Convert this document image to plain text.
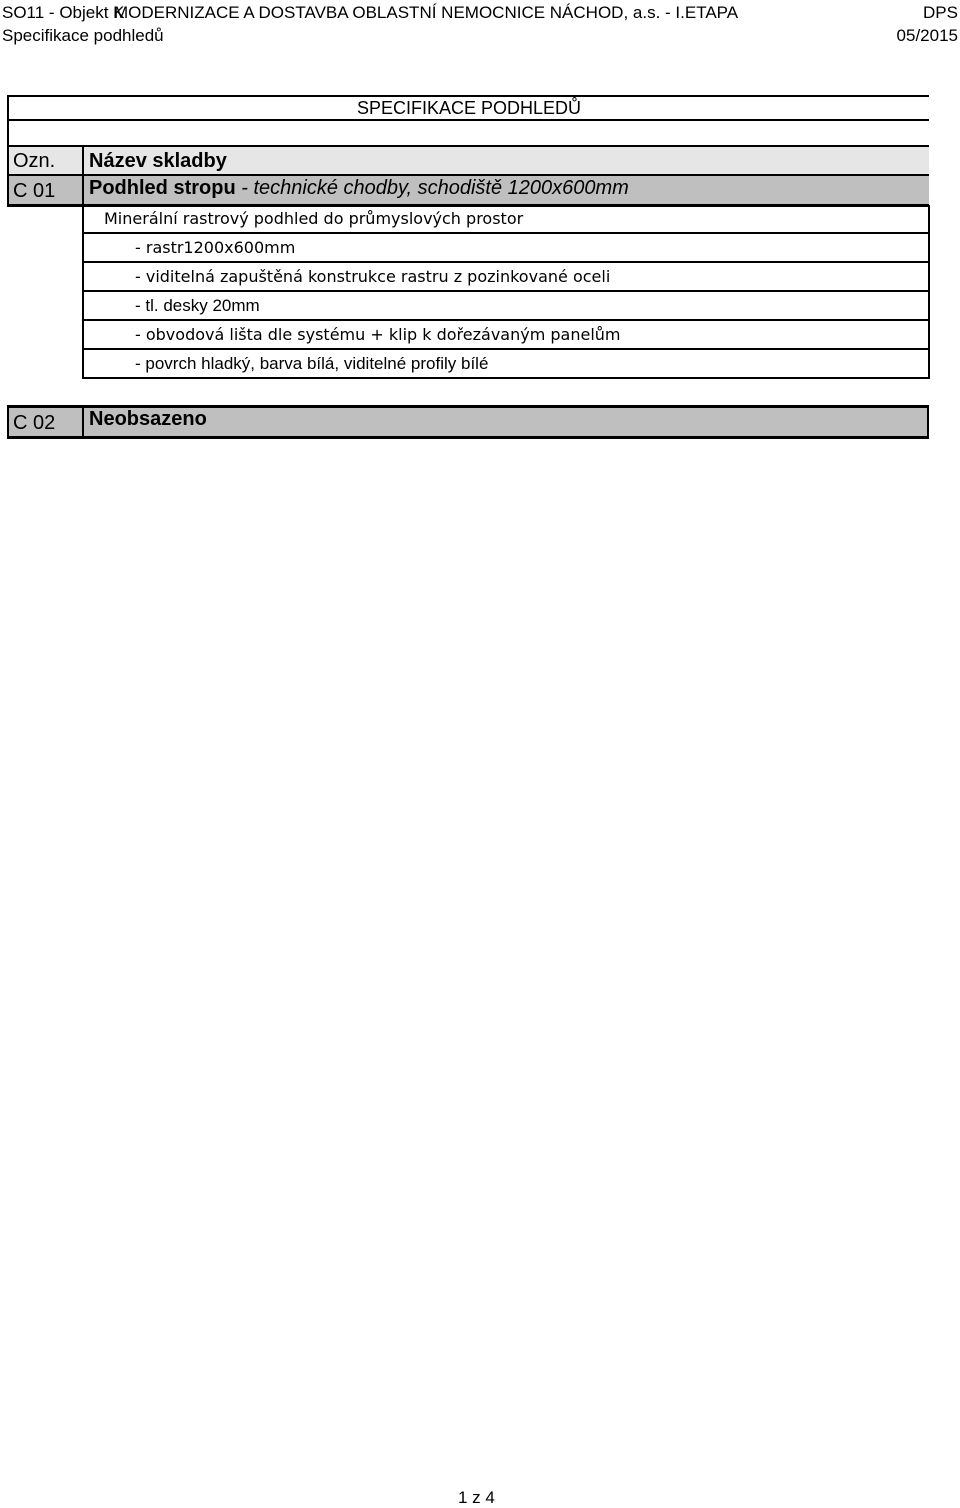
SO11 - Objekt K
MODERNIZACE A DOSTAVBA OBLASTNÍ NEMOCNICE NÁCHOD, a.s. - I.ETAPA	DPS
Specifikace podhledů	05/2015
SPECIFIKACE PODHLEDŮ
Ozn. Název skladby
C 01 Podhled stropu - technické chodby, schodiště 1200x600mm
Minerální rastrový podhled do průmyslových prostor
- rastr1200x600mm
- viditelná zapuštěná konstrukce rastru z pozinkované oceli
- tl. desky 20mm
- obvodová lišta dle systému + klip k dořezávaným panelům
- povrch hladký, barva bílá, viditelné profily bílé
C 02 Neobsazeno
1 z 4
